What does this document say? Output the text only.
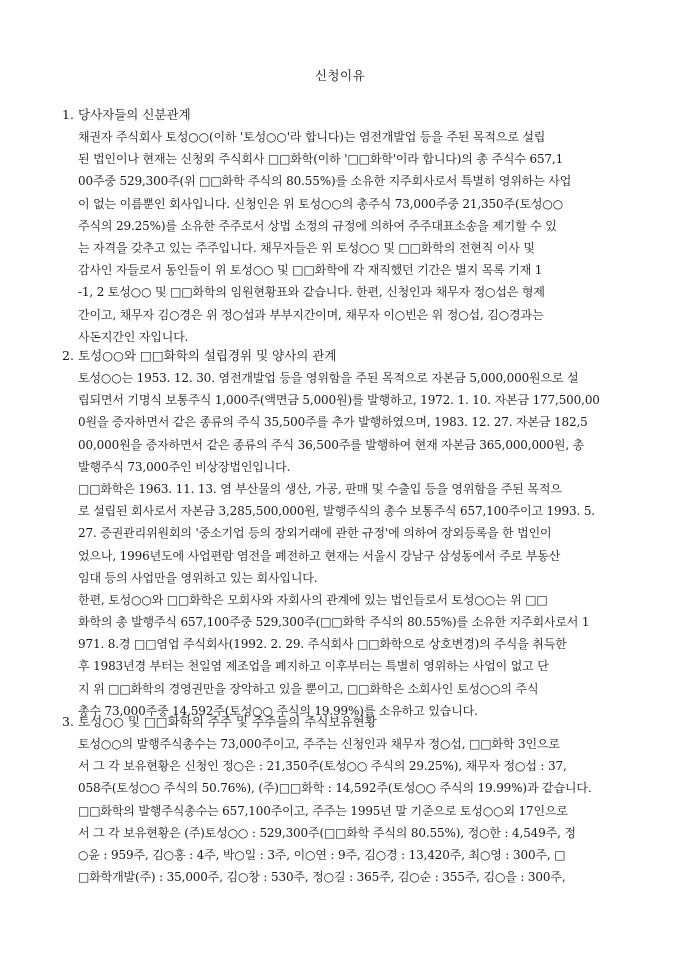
신청이유
1. 당사자들의 신분관계
채권자 주식회사 토성○○(이하 '토성○○'라 합니다)는 염전개발업 등을 주된 목적으로 설립
된 법인이나 현재는 신청외 주식회사 □□화학(이하 '□□화학'이라 합니다)의 총 주식수 657,1
00주중 529,300주(위 □□화학 주식의 80.55%)를 소유한 지주회사로서 특별히 영위하는 사업
이 없는 이름뿐인 회사입니다. 신청인은 위 토성○○의 총주식 73,000주중 21,350주(토성○○
주식의 29.25%)를 소유한 주주로서 상법 소정의 규정에 의하여 주주대표소송을 제기할 수 있
는 자격을 갖추고 있는 주주입니다. 채무자들은 위 토성○○ 및 □□화학의 전현직 이사 및
감사인 자들로서 동인들이 위 토성○○ 및 □□화학에 각 재직했던 기간은 별지 목록 기재 1
-1, 2 토성○○ 및 □□화학의 임원현황표와 같습니다. 한편, 신청인과 채무자 정○섭은 형제
간이고, 채무자 김○경은 위 정○섭과 부부지간이며, 채무자 이○빈은 위 정○섭, 김○경과는
사돈지간인 자입니다.
2. 토성○○와 □□화학의 설립경위 및 양사의 관계
토성○○는 1953. 12. 30. 염전개발업 등을 영위함을 주된 목적으로 자본금 5,000,000원으로 설
립되면서 기명식 보통주식 1,000주(액면금 5,000원)를 발행하고, 1972. 1. 10. 자본금 177,500,00
0원을 증자하면서 같은 종류의 주식 35,500주를 추가 발행하였으며, 1983. 12. 27. 자본금 182,5
00,000원을 증자하면서 같은 종류의 주식 36,500주를 발행하여 현재 자본금 365,000,000원, 총
발행주식 73,000주인 비상장법인입니다.
□□화학은 1963. 11. 13. 염 부산물의 생산, 가공, 판매 및 수출입 등을 영위함을 주된 목적으
로 설립된 회사로서 자본금 3,285,500,000원, 발행주식의 총수 보통주식 657,100주이고 1993. 5.
27. 증권관리위원회의 '중소기업 등의 장외거래에 관한 규정'에 의하여 장외등록을 한 법인이
었으나, 1996년도에 사업편람 염전을 폐전하고 현재는 서울시 강남구 삼성동에서 주로 부동산
임대 등의 사업만을 영위하고 있는 회사입니다.
한편, 토성○○와 □□화학은 모회사와 자회사의 관계에 있는 법인들로서 토성○○는 위 □□
화학의 총 발행주식 657,100주중 529,300주(□□화학 주식의 80.55%)를 소유한 지주회사로서 1
971. 8.경 □□염업 주식회사(1992. 2. 29. 주식회사 □□화학으로 상호변경)의 주식을 취득한
후 1983년경 부터는 천일염 제조업을 폐지하고 이후부터는 특별히 영위하는 사업이 없고 단
지 위 □□화학의 경영권만을 장악하고 있을 뿐이고, □□화학은 소회사인 토성○○의 주식
총수 73,000주중 14,592주(토성○○ 주식의 19.99%)를 소유하고 있습니다.
3. 토성○○ 및 □□화학의 주주 및 주주들의 주식보유현황
토성○○의 발행주식총수는 73,000주이고, 주주는 신청인과 채무자 정○섭, □□화학 3인으로
서 그 각 보유현황은 신청인 정○은 : 21,350주(토성○○ 주식의 29.25%), 채무자 정○섭 : 37,
058주(토성○○ 주식의 50.76%), (주)□□화학 : 14,592주(토성○○ 주식의 19.99%)과 같습니다.
□□화학의 발행주식총수는 657,100주이고, 주주는 1995년 말 기준으로 토성○○외 17인으로
서 그 각 보유현황은 (주)토성○○ : 529,300주(□□화학 주식의 80.55%), 정○한 : 4,549주, 정
○윤 : 959주, 김○홍 : 4주, 박○일 : 3주, 이○연 : 9주, 김○경 : 13,420주, 최○영 : 300주, □
□화학개발(주) : 35,000주, 김○창 : 530주, 정○길 : 365주, 김○순 : 355주, 김○을 : 300주,
